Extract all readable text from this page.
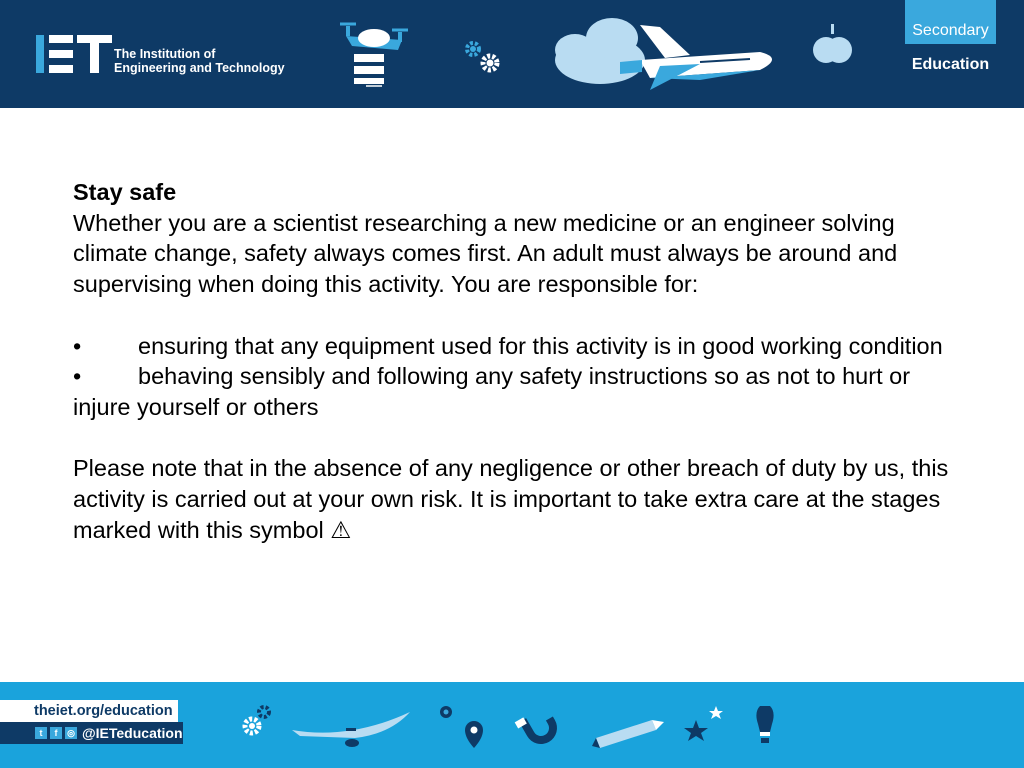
The Institution of
Engineering and Technology
Secondary
Education

Stay safe

Whether you are a scientist researching a new medicine or an engineer solving climate change, safety always comes first. An adult must always be around and supervising when doing this activity. You are responsible for:

• ensuring that any equipment used for this activity is in good working condition

• behaving sensibly and following any safety instructions so as not to hurt or injure yourself or others

Please note that in the absence of any negligence or other breach of duty by us, this activity is carried out at your own risk. It is important to take extra care at the stages marked with this symbol ⚠

theiet.org/education
t	f	◎ @IETeducation
